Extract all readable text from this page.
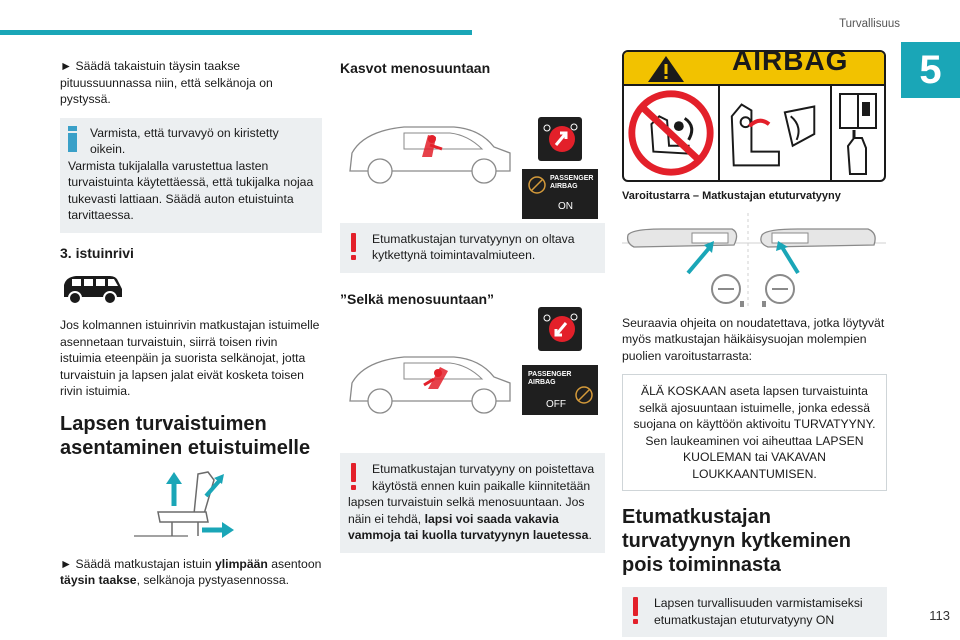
Turvallisuus
5
113

► Säädä takaistuin täysin taakse pituussuunnassa niin, että selkänoja on pystyssä.

Varmista, että turvavyö on kiristetty oikein.
Varmista tukijalalla varustettua lasten turvaistuinta käytettäessä, että tukijalka nojaa tukevasti lattiaan. Säädä auton etuistuinta tarvittaessa.
3. istuinrivi

Jos kolmannen istuinrivin matkustajan istuimelle asennetaan turvaistuin, siirrä toisen rivin istuimia eteenpäin ja suorista selkänojat, jotta turvaistuin ja lapsen jalat eivät kosketa toisen rivin istuimia.

Lapsen turvaistuimen asentaminen etuistuimelle

► Säädä matkustajan istuin ylimpään asentoon täysin taakse, selkänoja pystyasennossa.

Kasvot menosuuntaan
PASSENGER
AIRBAG
ON
Etumatkustajan turvatyynyn on oltava kytkettynä toimintavalmiuteen.
”Selkä menosuuntaan”
PASSENGER
AIRBAG
OFF
Etumatkustajan turvatyyny on poistettava käytöstä ennen kuin paikalle kiinnitetään
lapsen turvaistuin selkä menosuuntaan. Jos näin ei tehdä, lapsi voi saada vakavia vammoja tai kuolla turvatyynyn lauetessa.
AIRBAG
Varoitustarra – Matkustajan etuturvatyyny

Seuraavia ohjeita on noudatettava, jotka löytyvät myös matkustajan häikäisysuojan molempien puolien varoitustarrasta:

ÄLÄ KOSKAAN aseta lapsen turvaistuinta selkä ajosuuntaan istuimelle, jonka edessä suojana on käyttöön aktivoitu TURVATYYNY. Sen laukeaminen voi aiheuttaa LAPSEN KUOLEMAN tai VAKAVAN LOUKKAANTUMISEN.
Etumatkustajan turvatyynyn kytkeminen pois toiminnasta
Lapsen turvallisuuden varmistamiseksi etumatkustajan etuturvatyyny ON
